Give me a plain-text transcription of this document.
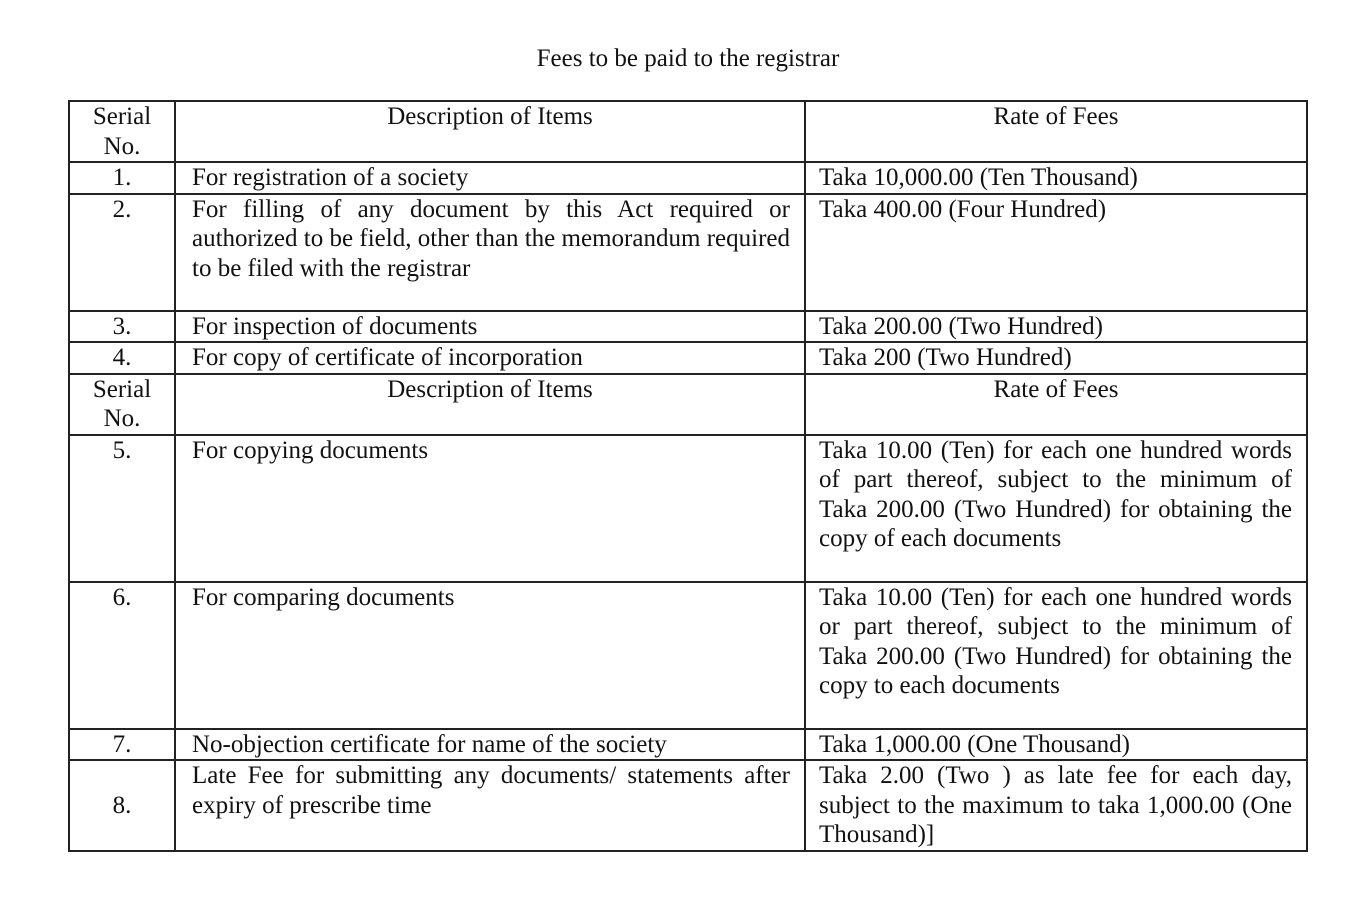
Fees to be paid to the registrar
Serial
No.	Description of Items	Rate of Fees
1.	For registration of a society	Taka 10,000.00 (Ten Thousand)
2.	For filling of any document by this Act required or authorized to be field, other than the memorandum required to be filed with the registrar	Taka 400.00 (Four Hundred)
3.	For inspection of documents	Taka 200.00 (Two Hundred)
4.	For copy of certificate of incorporation	Taka 200 (Two Hundred)
Serial
No.	Description of Items	Rate of Fees
5.	For copying documents	Taka 10.00 (Ten) for each one hundred words of part thereof, subject to the minimum of Taka 200.00 (Two Hundred) for obtaining the copy of each documents
6.	For comparing documents	Taka 10.00 (Ten) for each one hundred words or part thereof, subject to the minimum of Taka 200.00 (Two Hundred) for obtaining the copy to each documents
7.	No-objection certificate for name of the society	Taka 1,000.00 (One Thousand)
8.	Late Fee for submitting any documents/ statements after expiry of prescribe time	Taka 2.00 (Two ) as late fee for each day, subject to the maximum to taka 1,000.00 (One Thousand)]
